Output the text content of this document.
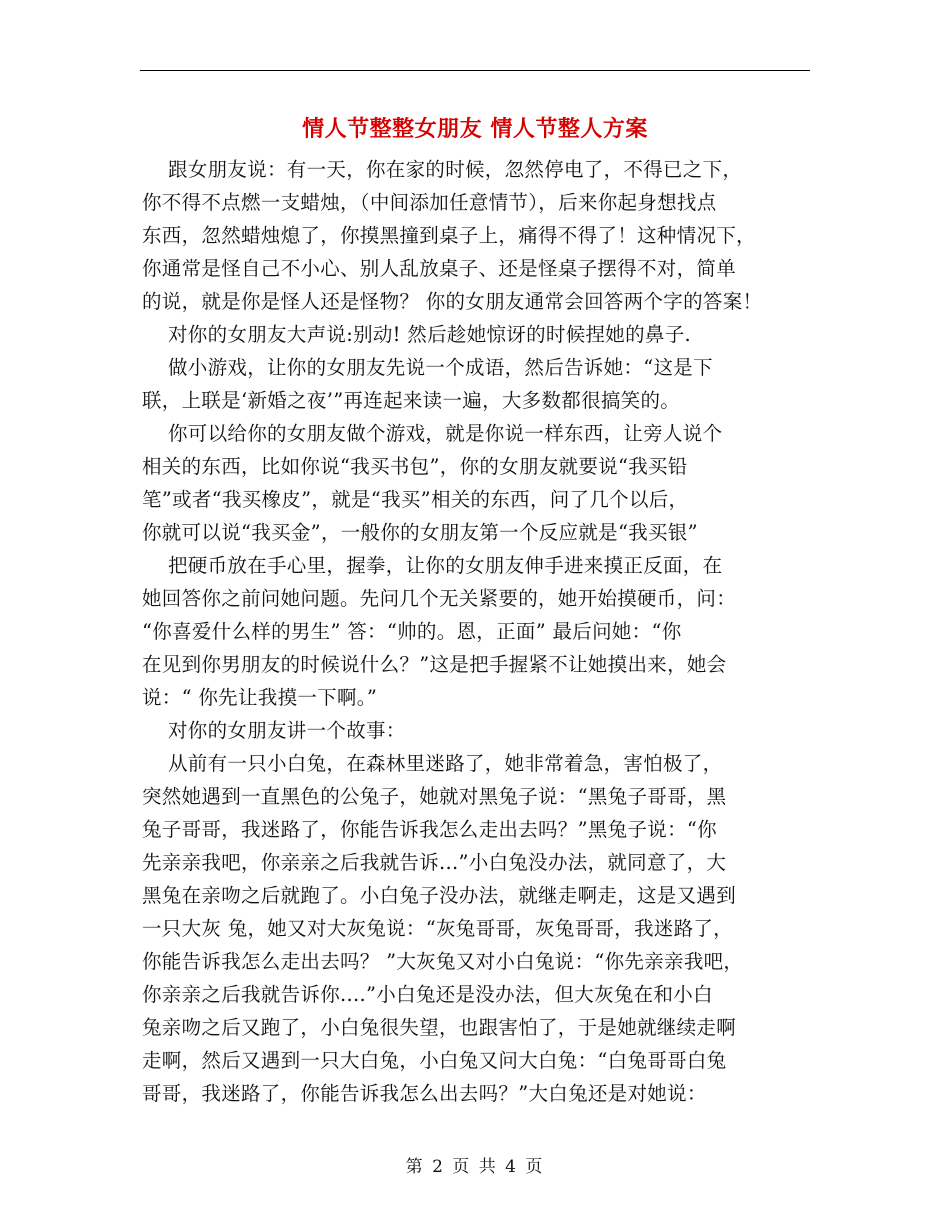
情人节整整女朋友 情人节整人方案
跟女朋友说：有一天，你在家的时候，忽然停电了，不得已之下，
你不得不点燃一支蜡烛，（中间添加任意情节），后来你起身想找点
东西，忽然蜡烛熄了，你摸黑撞到桌子上，痛得不得了！这种情况下，
你通常是怪自己不小心、别人乱放桌子、还是怪桌子摆得不对，简单
的说，就是你是怪人还是怪物？ 你的女朋友通常会回答两个字的答案！
对你的女朋友大声说:别动! 然后趁她惊讶的时候捏她的鼻子.
做小游戏，让你的女朋友先说一个成语，然后告诉她：“这是下
联，上联是‘新婚之夜’”再连起来读一遍，大多数都很搞笑的。
你可以给你的女朋友做个游戏，就是你说一样东西，让旁人说个
相关的东西，比如你说“我买书包”，你的女朋友就要说“我买铅
笔”或者“我买橡皮”，就是“我买”相关的东西，问了几个以后，
你就可以说“我买金”，一般你的女朋友第一个反应就是“我买银”
把硬币放在手心里，握拳，让你的女朋友伸手进来摸正反面，在
她回答你之前问她问题。先问几个无关紧要的，她开始摸硬币，问：
“你喜爱什么样的男生” 答：“帅的。恩，正面” 最后问她：“你
在见到你男朋友的时候说什么？”这是把手握紧不让她摸出来，她会
说：“ 你先让我摸一下啊。”
对你的女朋友讲一个故事：
从前有一只小白兔，在森林里迷路了，她非常着急，害怕极了，
突然她遇到一直黑色的公兔子，她就对黑兔子说：“黑兔子哥哥，黑
兔子哥哥，我迷路了，你能告诉我怎么走出去吗？”黑兔子说：“你
先亲亲我吧，你亲亲之后我就告诉...”小白兔没办法，就同意了，大
黑兔在亲吻之后就跑了。小白兔子没办法，就继走啊走，这是又遇到
一只大灰 兔，她又对大灰兔说：“灰兔哥哥，灰兔哥哥，我迷路了，
你能告诉我怎么走出去吗？ ”大灰兔又对小白兔说：“你先亲亲我吧，
你亲亲之后我就告诉你....”小白兔还是没办法，但大灰兔在和小白
兔亲吻之后又跑了，小白兔很失望，也跟害怕了，于是她就继续走啊
走啊，然后又遇到一只大白兔，小白兔又问大白兔：“白兔哥哥白兔
哥哥，我迷路了，你能告诉我怎么出去吗？”大白兔还是对她说：
第 2 页 共 4 页
